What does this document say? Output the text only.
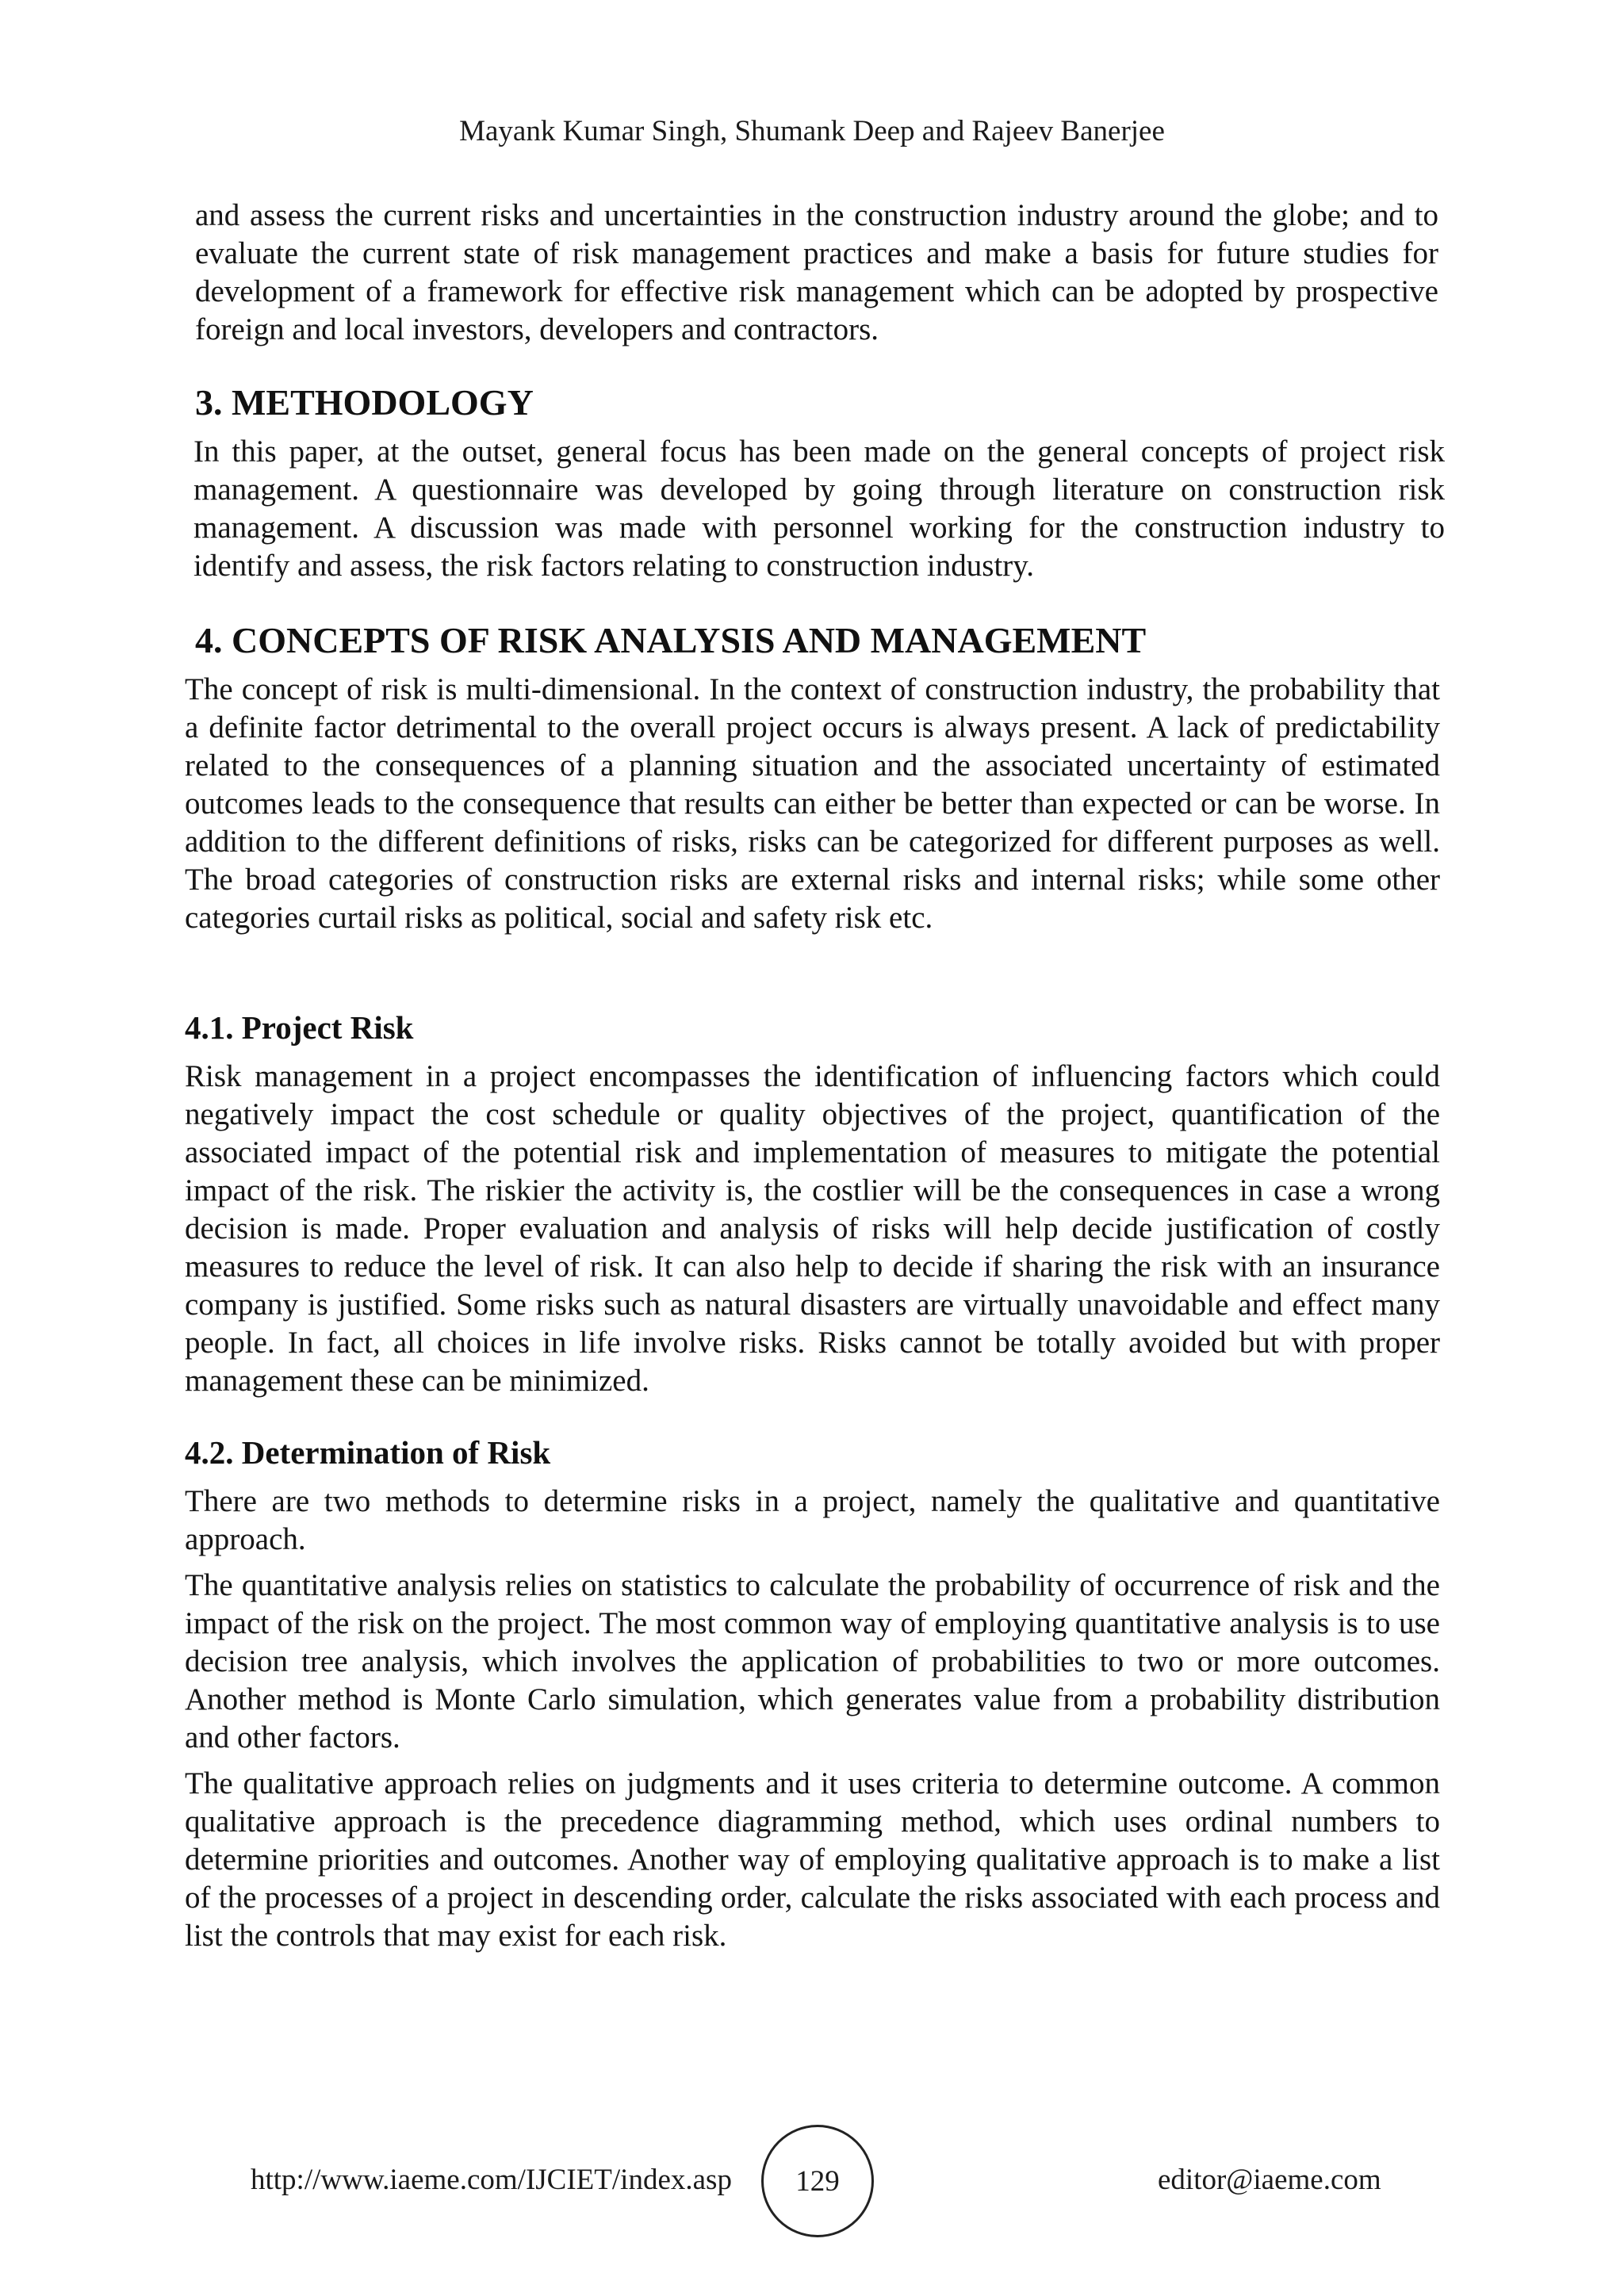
Mayank Kumar Singh, Shumank Deep and Rajeev Banerjee

and assess the current risks and uncertainties in the construction industry around the globe; and to evaluate the current state of risk management practices and make a basis for future studies for development of a framework for effective risk management which can be adopted by prospective foreign and local investors, developers and contractors.

3. METHODOLOGY

In this paper, at the outset, general focus has been made on the general concepts of project risk management. A questionnaire was developed by going through literature on construction risk management. A discussion was made with personnel working for the construction industry to identify and assess, the risk factors relating to construction industry.

4. CONCEPTS OF RISK ANALYSIS AND MANAGEMENT

The concept of risk is multi-dimensional. In the context of construction industry, the probability that a definite factor detrimental to the overall project occurs is always present. A lack of predictability related to the consequences of a planning situation and the associated uncertainty of estimated outcomes leads to the consequence that results can either be better than expected or can be worse. In addition to the different definitions of risks, risks can be categorized for different purposes as well. The broad categories of construction risks are external risks and internal risks; while some other categories curtail risks as political, social and safety risk etc.

4.1. Project Risk

Risk management in a project encompasses the identification of influencing factors which could negatively impact the cost schedule or quality objectives of the project, quantification of the associated impact of the potential risk and implementation of measures to mitigate the potential impact of the risk. The riskier the activity is, the costlier will be the consequences in case a wrong decision is made. Proper evaluation and analysis of risks will help decide justification of costly measures to reduce the level of risk. It can also help to decide if sharing the risk with an insurance company is justified. Some risks such as natural disasters are virtually unavoidable and effect many people. In fact, all choices in life involve risks. Risks cannot be totally avoided but with proper management these can be minimized.

4.2. Determination of Risk

There are two methods to determine risks in a project, namely the qualitative and quantitative approach.

The quantitative analysis relies on statistics to calculate the probability of occurrence of risk and the impact of the risk on the project. The most common way of employing quantitative analysis is to use decision tree analysis, which involves the application of probabilities to two or more outcomes. Another method is Monte Carlo simulation, which generates value from a probability distribution and other factors.

The qualitative approach relies on judgments and it uses criteria to determine outcome. A common qualitative approach is the precedence diagramming method, which uses ordinal numbers to determine priorities and outcomes. Another way of employing qualitative approach is to make a list of the processes of a project in descending order, calculate the risks associated with each process and list the controls that may exist for each risk.

http://www.iaeme.com/IJCIET/index.asp 129	editor@iaeme.com
